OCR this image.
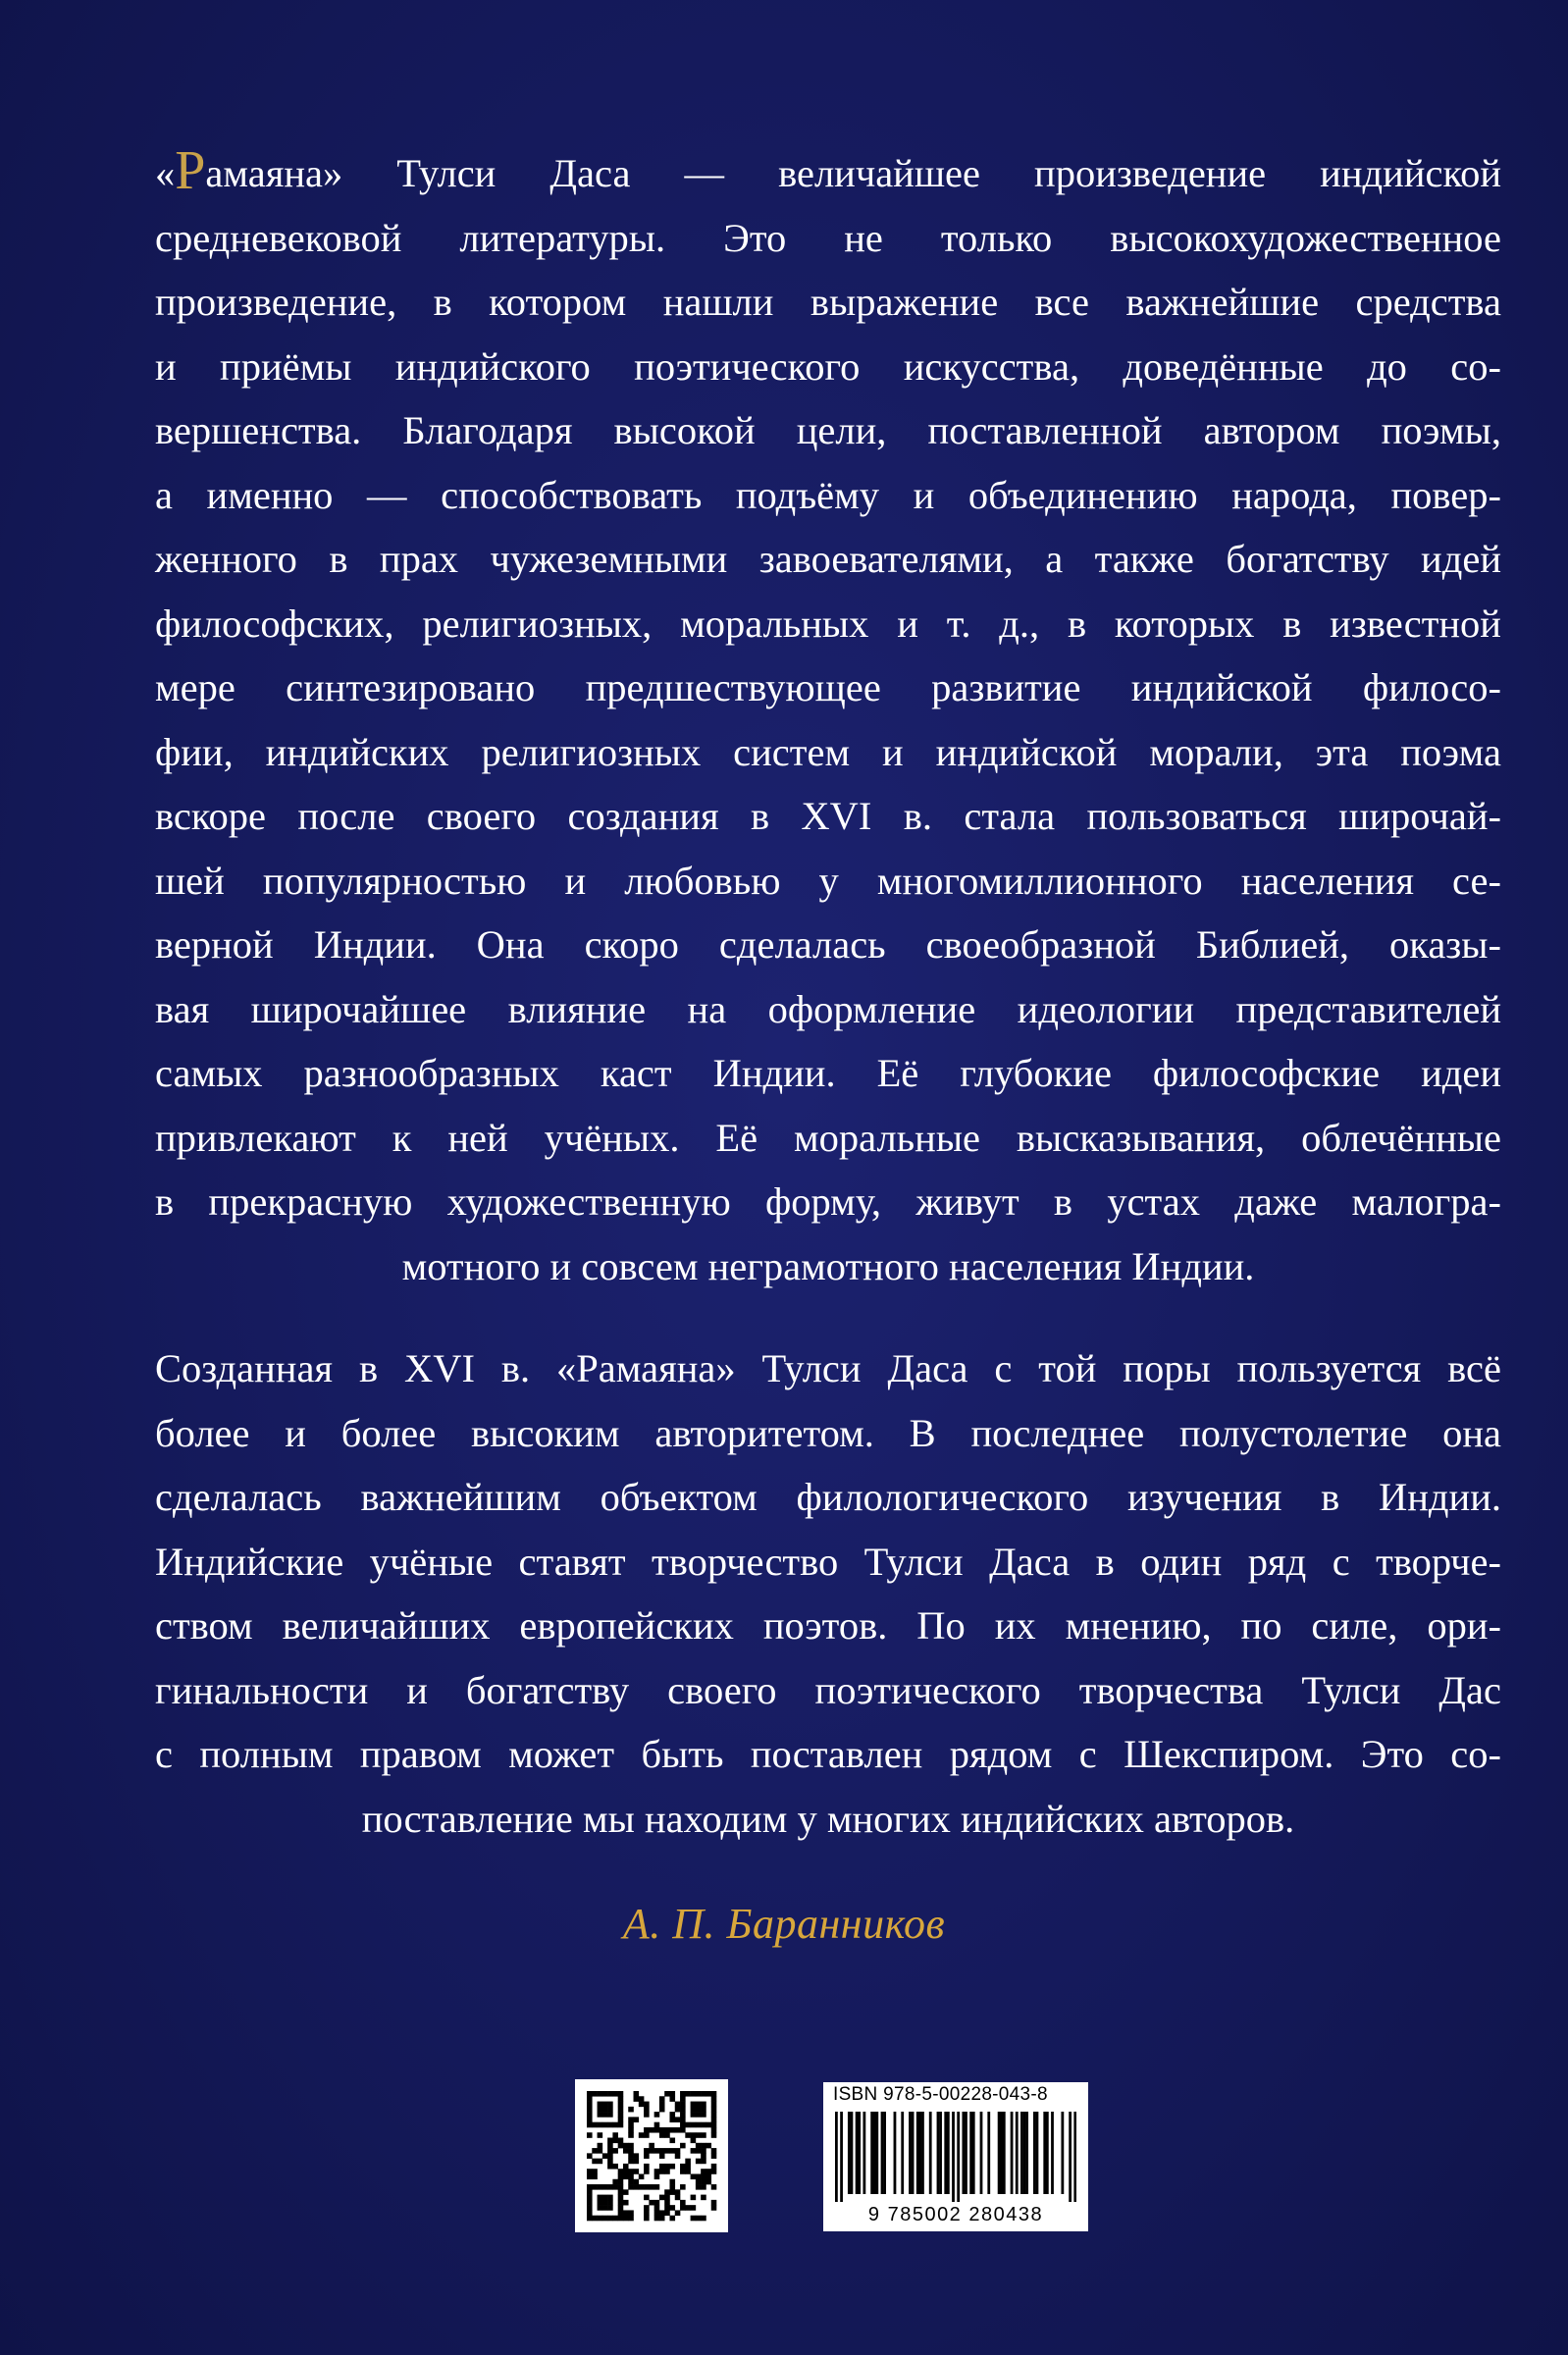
«Рамаяна» Тулси Даса — величайшее произведение индийской
средневековой литературы. Это не только высокохудожественное
произведение, в котором нашли выражение все важнейшие средства
и приёмы индийского поэтического искусства, доведённые до со-
вершенства. Благодаря высокой цели, поставленной автором поэмы,
а именно — способствовать подъёму и объединению народа, повер-
женного в прах чужеземными завоевателями, а также богатству идей
философских, религиозных, моральных и т. д., в которых в известной
мере синтезировано предшествующее развитие индийской филосо-
фии, индийских религиозных систем и индийской морали, эта поэма
вскоре после своего создания в XVI в. стала пользоваться широчай-
шей популярностью и любовью у многомиллионного населения се-
верной Индии. Она скоро сделалась своеобразной Библией, оказы-
вая широчайшее влияние на оформление идеологии представителей
самых разнообразных каст Индии. Её глубокие философские идеи
привлекают к ней учёных. Её моральные высказывания, облечённые
в прекрасную художественную форму, живут в устах даже малогра-
мотного и совсем неграмотного населения Индии.
Созданная в XVI в. «Рамаяна» Тулси Даса с той поры пользуется всё
более и более высоким авторитетом. В последнее полустолетие она
сделалась важнейшим объектом филологического изучения в Индии.
Индийские учёные ставят творчество Тулси Даса в один ряд с творче-
ством величайших европейских поэтов. По их мнению, по силе, ори-
гинальности и богатству своего поэтического творчества Тулси Дас
с полным правом может быть поставлен рядом с Шекспиром. Это со-
поставление мы находим у многих индийских авторов.
А. П. Баранников
ISBN 978-5-00228-043-8
9 785002 280438
